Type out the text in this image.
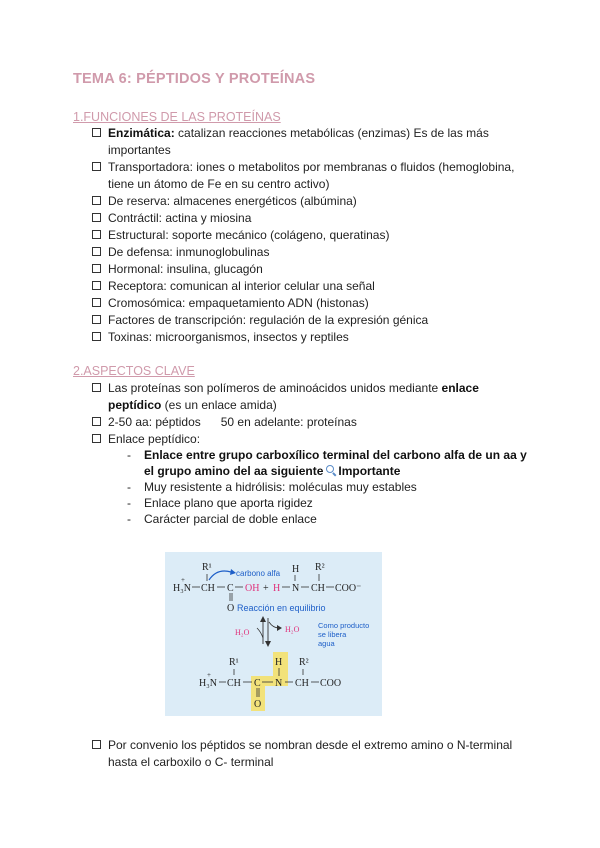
TEMA 6: PÉPTIDOS Y PROTEÍNAS
1.FUNCIONES DE LAS PROTEÍNAS
Enzimática: catalizan reacciones metabólicas (enzimas) Es de las más importantes
Transportadora: iones o metabolitos por membranas o fluidos (hemoglobina, tiene un átomo de Fe en su centro activo)
De reserva: almacenes energéticos (albúmina)
Contráctil: actina y miosina
Estructural: soporte mecánico (colágeno, queratinas)
De defensa: inmunoglobulinas
Hormonal: insulina, glucagón
Receptora: comunican al interior celular una señal
Cromosómica: empaquetamiento ADN (histonas)
Factores de transcripción: regulación de la expresión génica
Toxinas: microorganismos, insectos y reptiles
2.ASPECTOS CLAVE
Las proteínas son polímeros de aminoácidos unidos mediante enlace peptídico (es un enlace amida)
2-50 aa: péptidos      50 en adelante: proteínas
Enlace peptídico:
- Enlace entre grupo carboxílico terminal del carbono alfa de un aa y el grupo amino del aa siguiente Importante
- Muy resistente a hidrólisis: moléculas muy estables
- Enlace plano que aporta rigidez
- Carácter parcial de doble enlace
R¹
H₃N
+
CH C OH + H N
H
CH
R²
COO⁻
O
carbono alfa
Reacción en equilibrio
H₂O	H₂O Como producto
se libera
agua
R¹
H₃N
+
CH C N
H
CH
R²
COO
O
Por convenio los péptidos se nombran desde el extremo amino o N-terminal hasta el carboxilo o C- terminal
